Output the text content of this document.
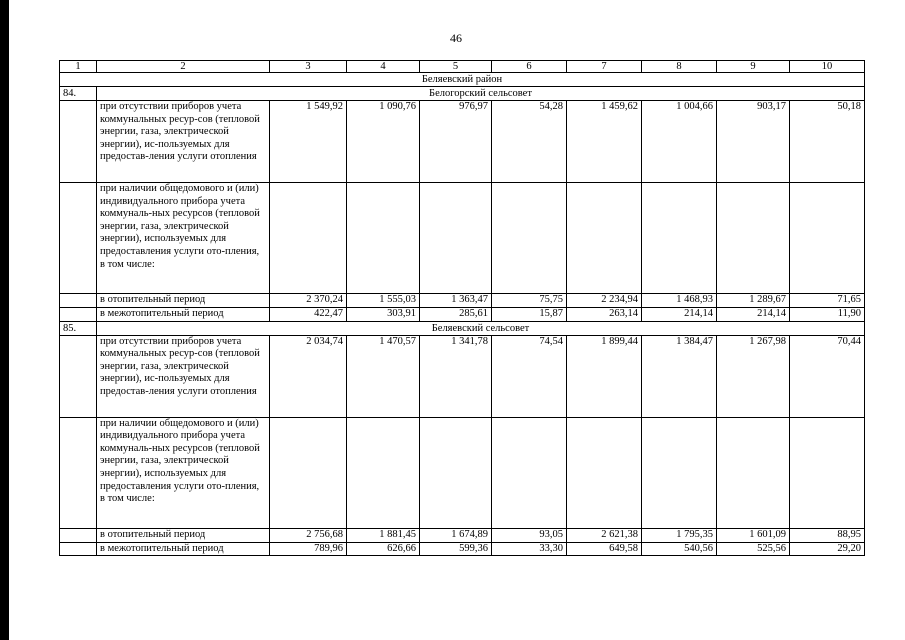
46
1	2	3	4	5	6	7	8	9	10
Беляевский район									
84.	Белогорский сельсовет								
	при отсутствии приборов учета коммунальных ресур-сов (тепловой энергии, газа, электрической энергии), ис-пользуемых для предостав-ления услуги отопления	1 549,92	1 090,76	976,97	54,28	1 459,62	1 004,66	903,17	50,18
	при наличии общедомового и (или) индивидуального прибора учета коммуналь-ных ресурсов (тепловой энергии, газа, электрической энергии), используемых для предоставления услуги ото-пления, в том числе:								
	в отопительный период	2 370,24	1 555,03	1 363,47	75,75	2 234,94	1 468,93	1 289,67	71,65
	в межотопительный период	422,47	303,91	285,61	15,87	263,14	214,14	214,14	11,90
85.	Беляевский сельсовет								
	при отсутствии приборов учета коммунальных ресур-сов (тепловой энергии, газа, электрической энергии), ис-пользуемых для предостав-ления услуги отопления	2 034,74	1 470,57	1 341,78	74,54	1 899,44	1 384,47	1 267,98	70,44
	при наличии общедомового и (или) индивидуального прибора учета коммуналь-ных ресурсов (тепловой энергии, газа, электрической энергии), используемых для предоставления услуги ото-пления, в том числе:								
	в отопительный период	2 756,68	1 881,45	1 674,89	93,05	2 621,38	1 795,35	1 601,09	88,95
	в межотопительный период	789,96	626,66	599,36	33,30	649,58	540,56	525,56	29,20
